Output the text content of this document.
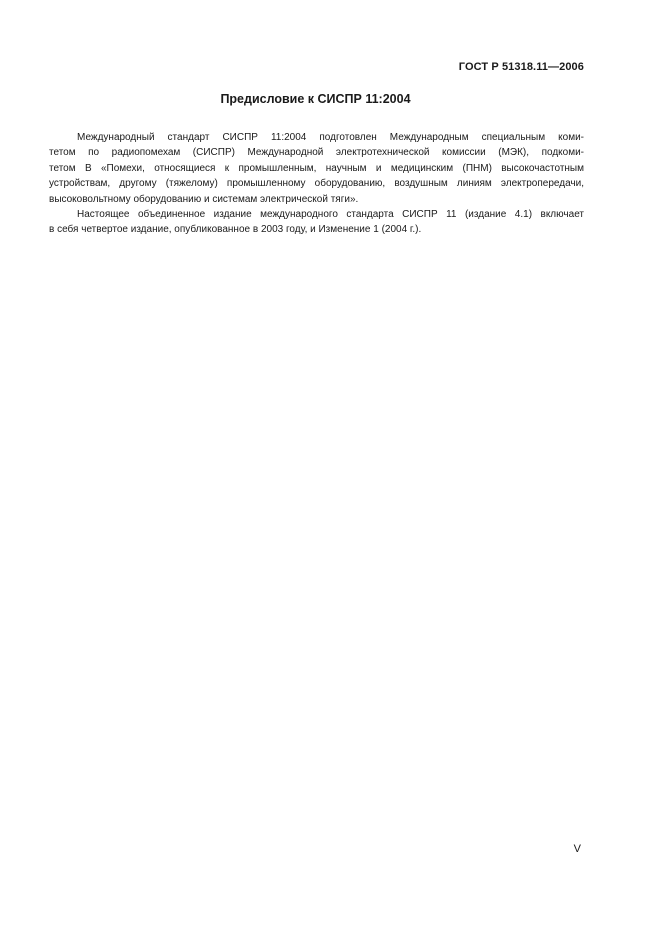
ГОСТ Р 51318.11—2006
Предисловие к СИСПР 11:2004

Международный стандарт СИСПР 11:2004 подготовлен Международным специальным коми-
тетом по радиопомехам (СИСПР) Международной электротехнической комиссии (МЭК), подкоми-
тетом В «Помехи, относящиеся к промышленным, научным и медицинским (ПНМ) высокочастотным
устройствам, другому (тяжелому) промышленному оборудованию, воздушным линиям электропередачи,
высоковольтному оборудованию и системам электрической тяги».

Настоящее объединенное издание международного стандарта СИСПР 11 (издание 4.1) включает
в себя четвертое издание, опубликованное в 2003 году, и Изменение 1 (2004 г.).

V
